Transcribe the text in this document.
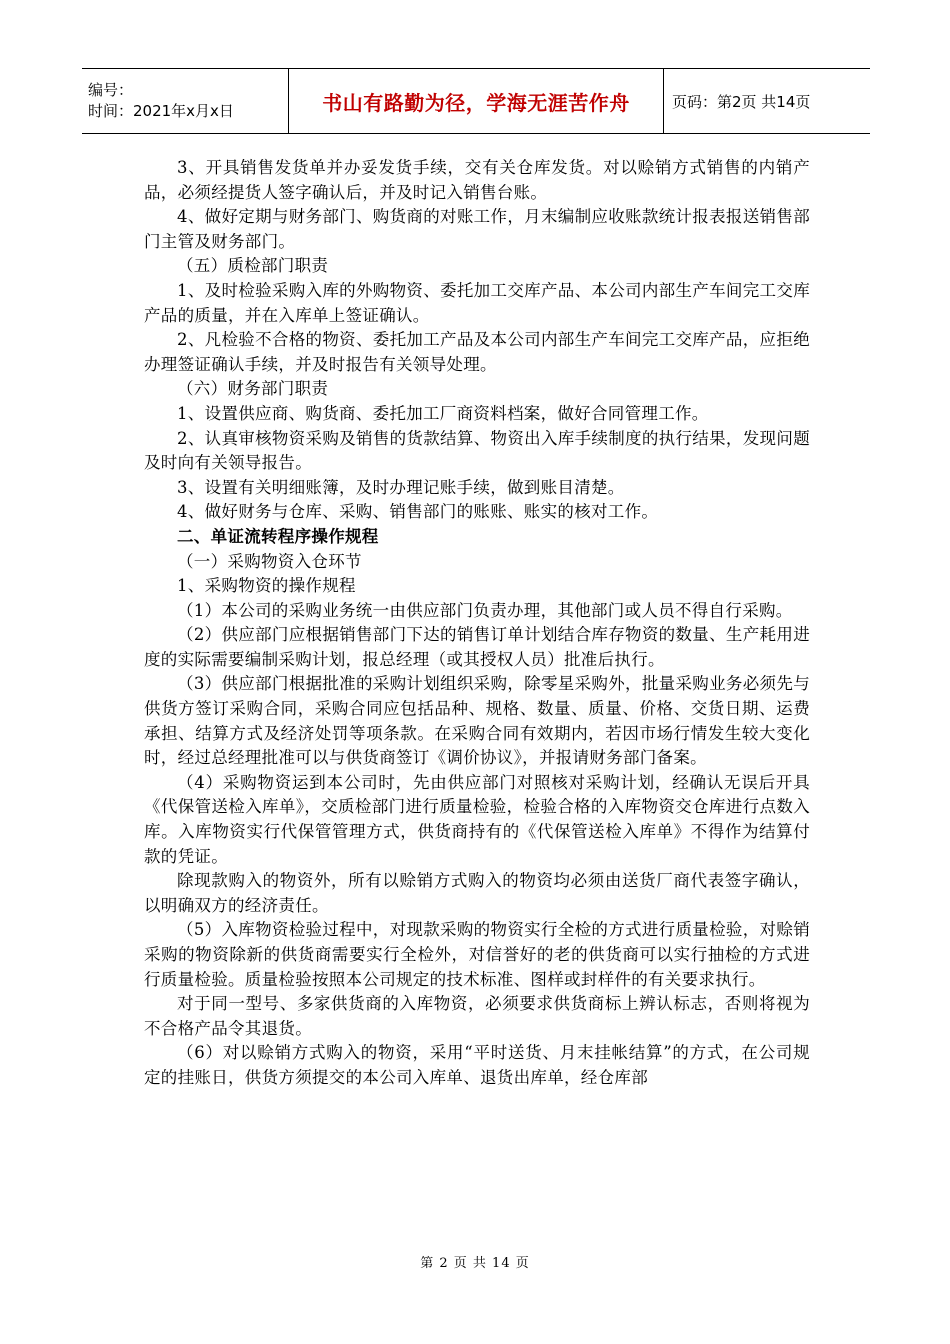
编号：
时间：2021年x月x日	书山有路勤为径，学海无涯苦作舟	页码：第2页 共14页

3、开具销售发货单并办妥发货手续，交有关仓库发货。对以赊销方式销售的内销产品，必须经提货人签字确认后，并及时记入销售台账。

4、做好定期与财务部门、购货商的对账工作，月末编制应收账款统计报表报送销售部门主管及财务部门。

（五）质检部门职责

1、及时检验采购入库的外购物资、委托加工交库产品、本公司内部生产车间完工交库产品的质量，并在入库单上签证确认。

2、凡检验不合格的物资、委托加工产品及本公司内部生产车间完工交库产品，应拒绝办理签证确认手续，并及时报告有关领导处理。

（六）财务部门职责

1、设置供应商、购货商、委托加工厂商资料档案，做好合同管理工作。

2、认真审核物资采购及销售的货款结算、物资出入库手续制度的执行结果，发现问题及时向有关领导报告。

3、设置有关明细账簿，及时办理记账手续，做到账目清楚。

4、做好财务与仓库、采购、销售部门的账账、账实的核对工作。

二、单证流转程序操作规程

（一）采购物资入仓环节

1、采购物资的操作规程

（1）本公司的采购业务统一由供应部门负责办理，其他部门或人员不得自行采购。

（2）供应部门应根据销售部门下达的销售订单计划结合库存物资的数量、生产耗用进度的实际需要编制采购计划，报总经理（或其授权人员）批准后执行。

（3）供应部门根据批准的采购计划组织采购，除零星采购外，批量采购业务必须先与供货方签订采购合同，采购合同应包括品种、规格、数量、质量、价格、交货日期、运费承担、结算方式及经济处罚等项条款。在采购合同有效期内，若因市场行情发生较大变化时，经过总经理批准可以与供货商签订《调价协议》，并报请财务部门备案。

（4）采购物资运到本公司时，先由供应部门对照核对采购计划，经确认无误后开具《代保管送检入库单》，交质检部门进行质量检验，检验合格的入库物资交仓库进行点数入库。入库物资实行代保管管理方式，供货商持有的《代保管送检入库单》不得作为结算付款的凭证。

除现款购入的物资外，所有以赊销方式购入的物资均必须由送货厂商代表签字确认，以明确双方的经济责任。

（5）入库物资检验过程中，对现款采购的物资实行全检的方式进行质量检验，对赊销采购的物资除新的供货商需要实行全检外，对信誉好的老的供货商可以实行抽检的方式进行质量检验。质量检验按照本公司规定的技术标准、图样或封样件的有关要求执行。

对于同一型号、多家供货商的入库物资，必须要求供货商标上辨认标志，否则将视为不合格产品令其退货。

（6）对以赊销方式购入的物资，采用“平时送货、月末挂帐结算”的方式，在公司规定的挂账日，供货方须提交的本公司入库单、退货出库单，经仓库部

第 2 页 共 14 页
